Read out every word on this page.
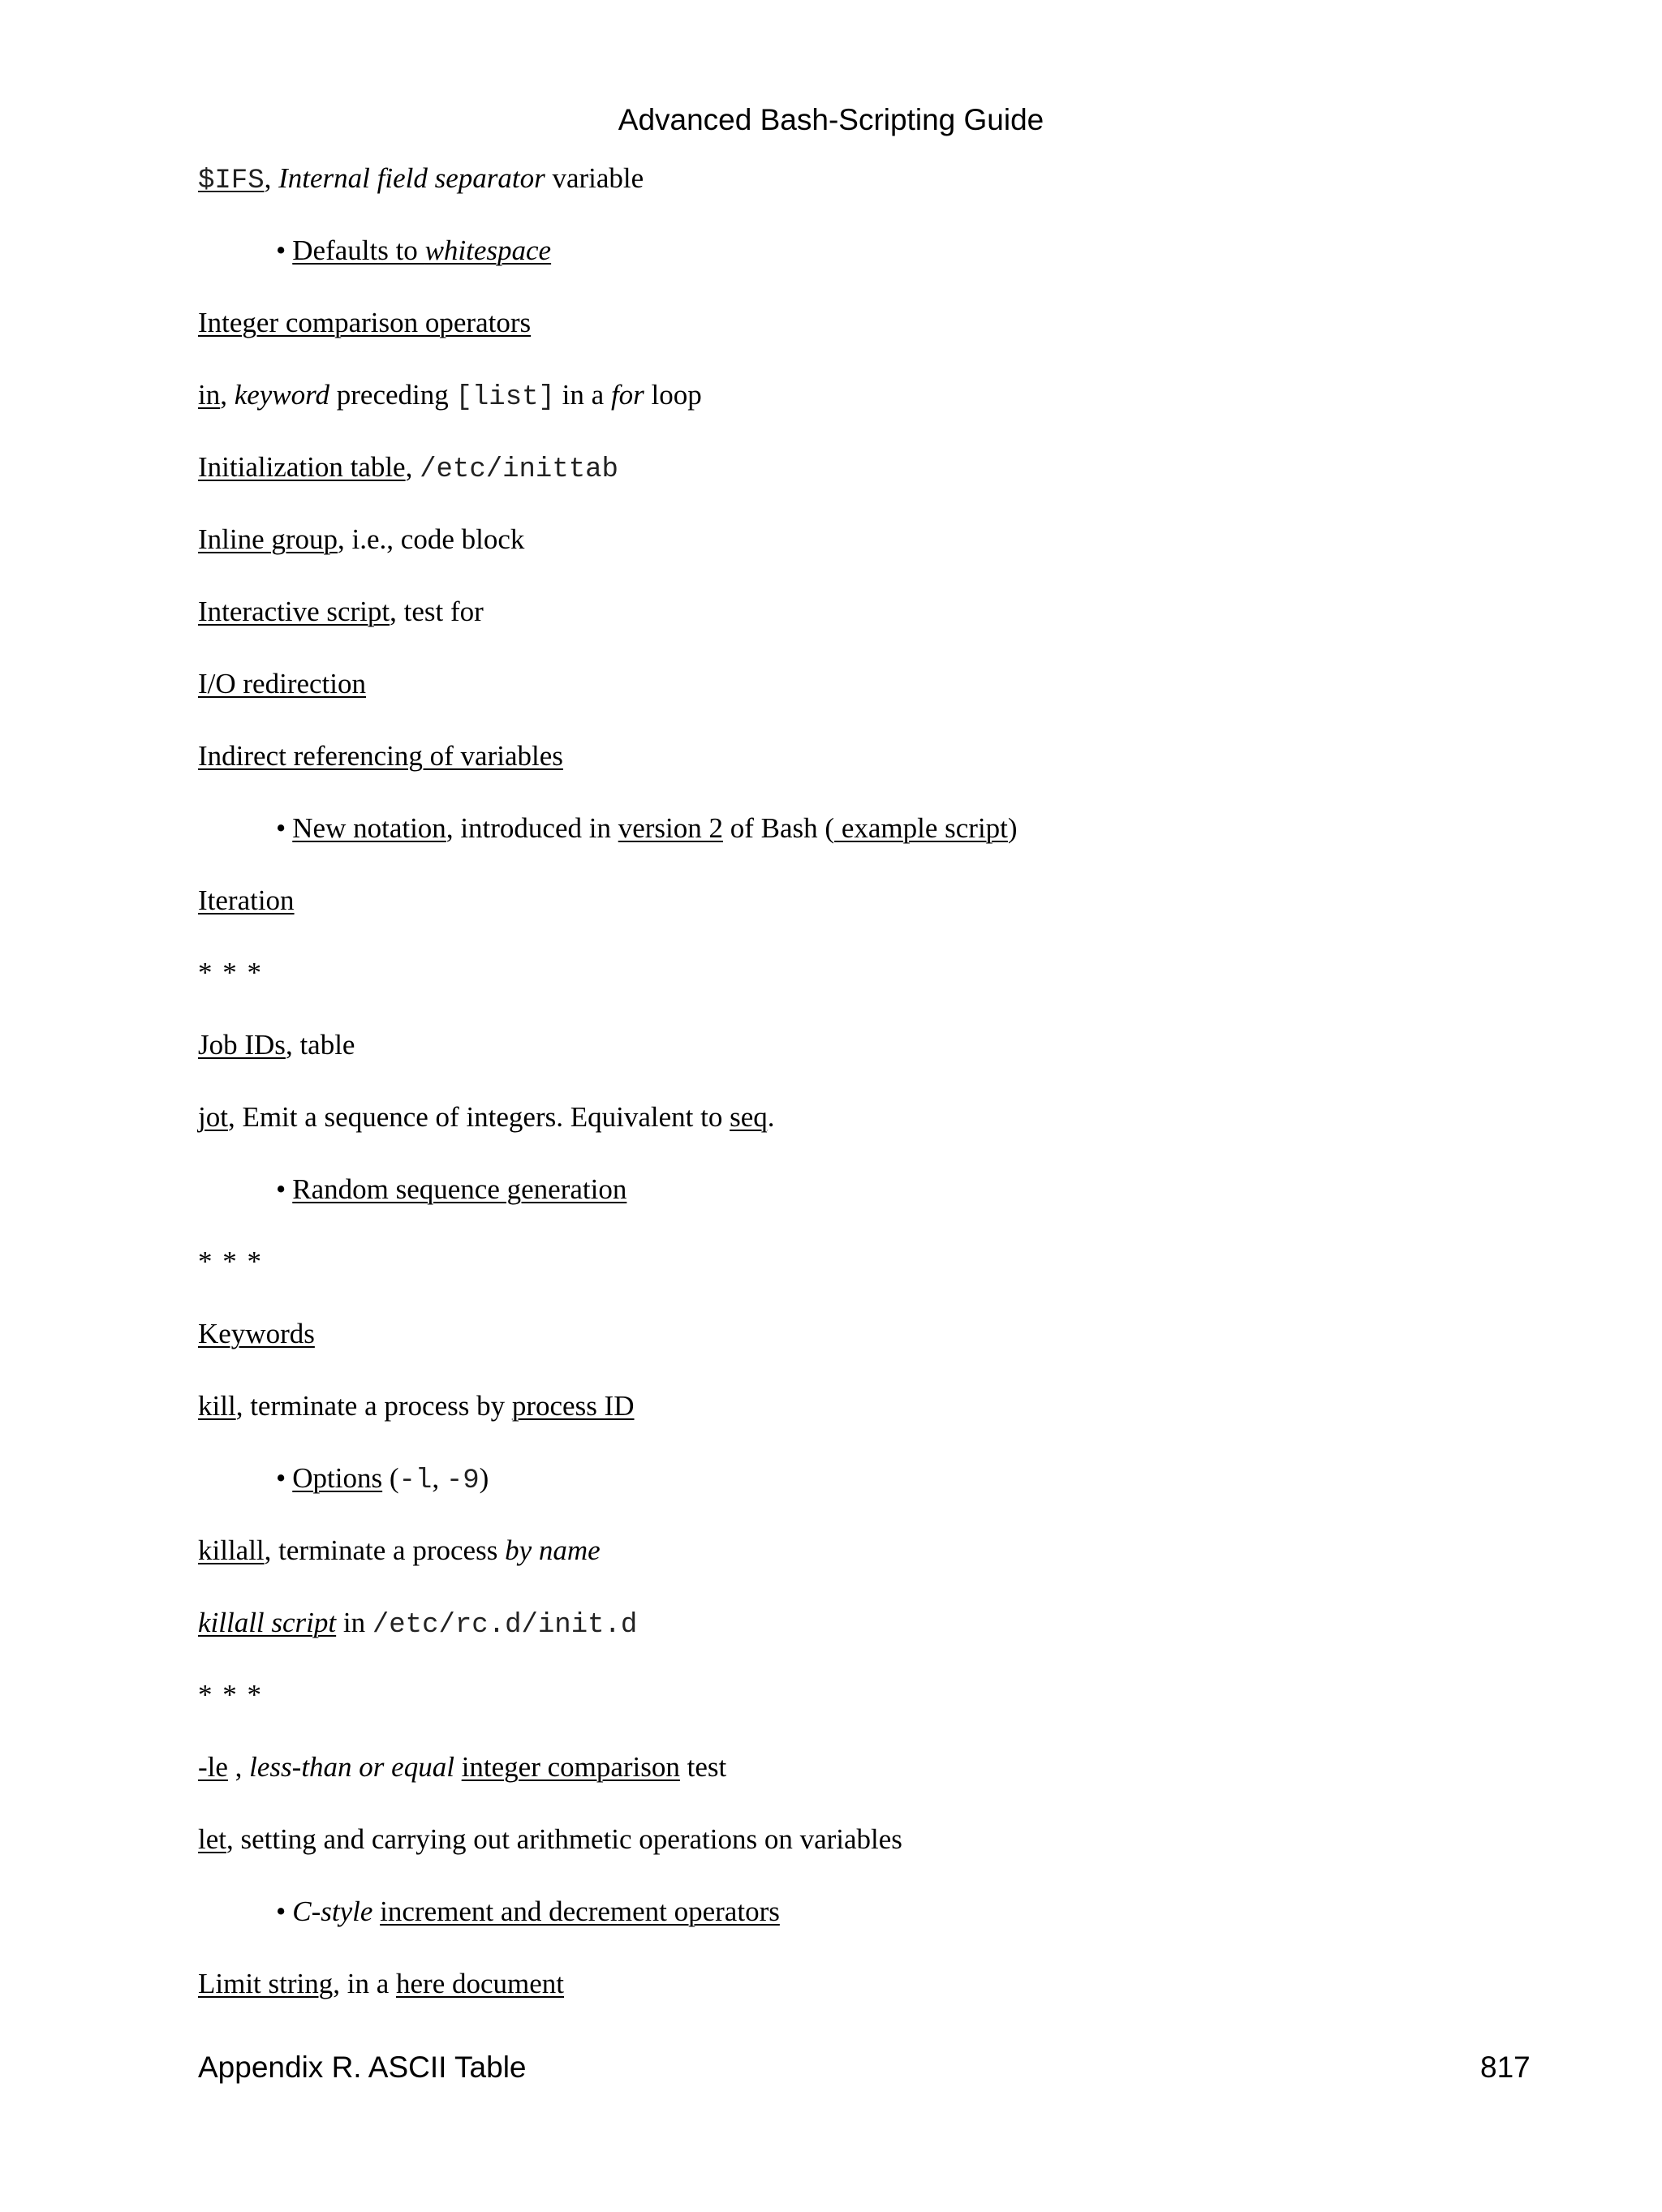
Advanced Bash-Scripting Guide
$IFS, Internal field separator variable
• Defaults to whitespace
Integer comparison operators
in, keyword preceding [list] in a for loop
Initialization table, /etc/inittab
Inline group, i.e., code block
Interactive script, test for
I/O redirection
Indirect referencing of variables
• New notation, introduced in version 2 of Bash ( example script)
Iteration
* * *
Job IDs, table
jot, Emit a sequence of integers. Equivalent to seq.
• Random sequence generation
* * *
Keywords
kill, terminate a process by process ID
• Options (-l, -9)
killall, terminate a process by name
killall script in /etc/rc.d/init.d
* * *
-le , less-than or equal integer comparison test
let, setting and carrying out arithmetic operations on variables
• C-style increment and decrement operators
Limit string, in a here document
Appendix R. ASCII Table	817
